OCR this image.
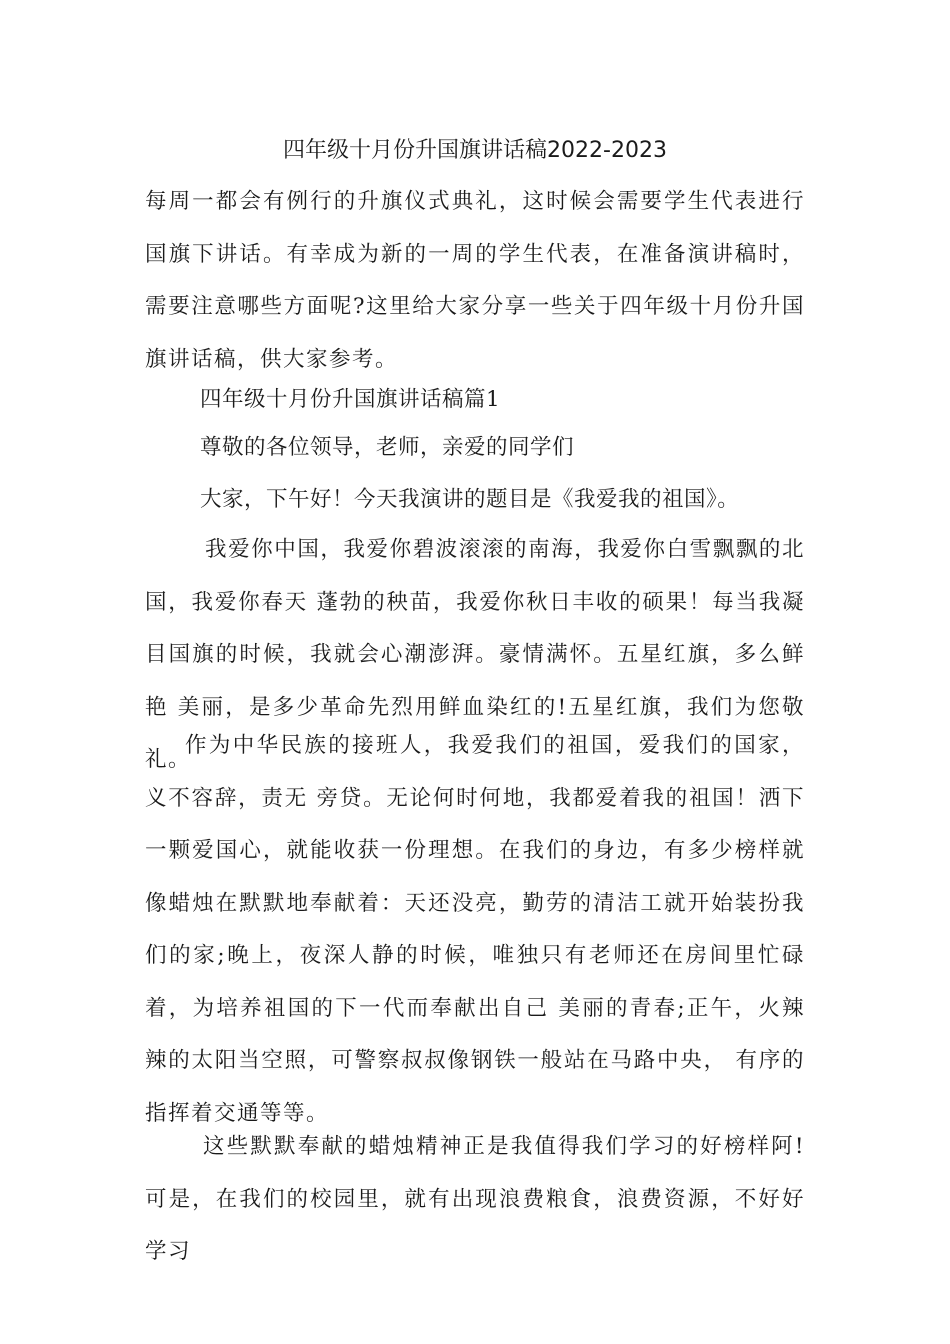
四年级十月份升国旗讲话稿2022-2023

每周一都会有例行的升旗仪式典礼，这时候会需要学生代表进行国旗下讲话。有幸成为新的一周的学生代表，在准备演讲稿时，需要注意哪些方面呢?这里给大家分享一些关于四年级十月份升国旗讲话稿，供大家参考。

四年级十月份升国旗讲话稿篇1

尊敬的各位领导，老师，亲爱的同学们

大家，下午好！今天我演讲的题目是《我爱我的祖国》。

我爱你中国，我爱你碧波滚滚的南海，我爱你白雪飘飘的北国，我爱你春天 蓬勃的秧苗，我爱你秋日丰收的硕果！每当我凝目国旗的时候，我就会心潮澎湃。豪情满怀。五星红旗，多么鲜艳 美丽，是多少革命先烈用鲜血染红的!五星红旗，我们为您敬礼。

作为中华民族的接班人，我爱我们的祖国，爱我们的国家，义不容辞，责无 旁贷。无论何时何地，我都爱着我的祖国！洒下一颗爱国心，就能收获一份理想。在我们的身边，有多少榜样就像蜡烛在默默地奉献着：天还没亮，勤劳的清洁工就开始装扮我们的家;晚上，夜深人静的时候，唯独只有老师还在房间里忙碌着，为培养祖国的下一代而奉献出自己 美丽的青春;正午，火辣辣的太阳当空照，可警察叔叔像钢铁一般站在马路中央， 有序的指挥着交通等等。

这些默默奉献的蜡烛精神正是我值得我们学习的好榜样阿!可是，在我们的校园里，就有出现浪费粮食，浪费资源，不好好学习
